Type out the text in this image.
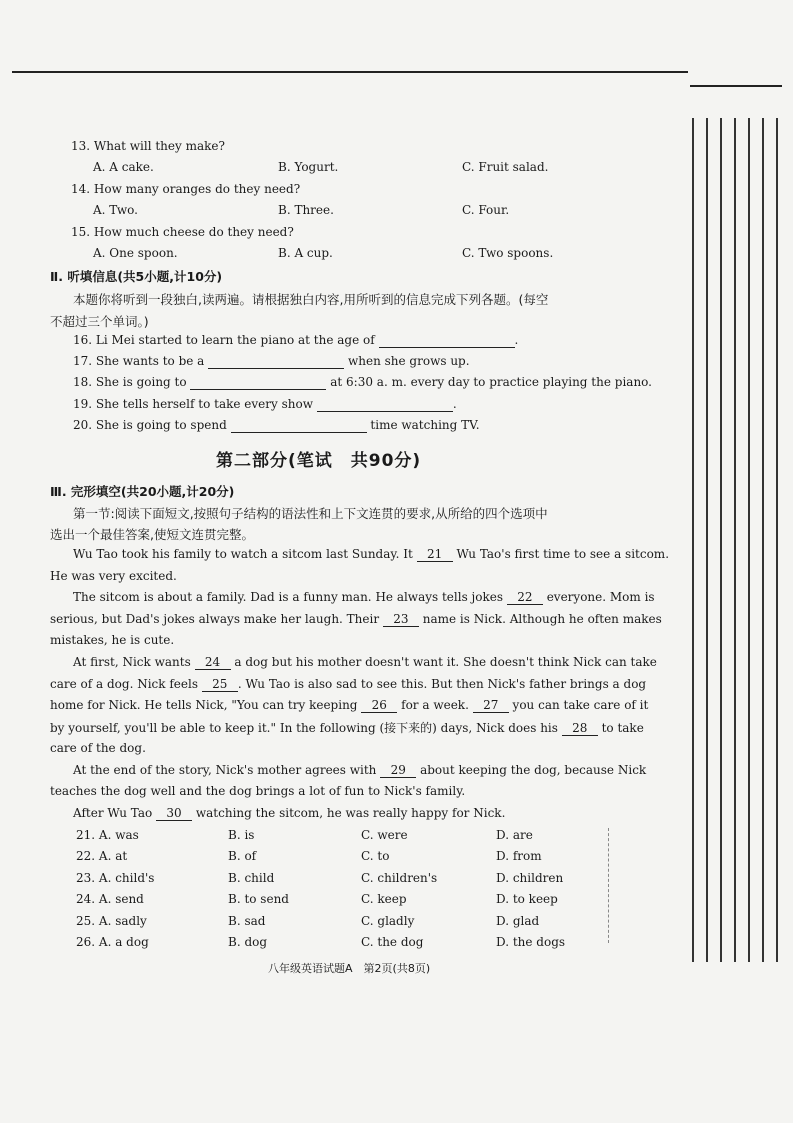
13. What will they make?
A. A cake.	B. Yogurt.	C. Fruit salad.
14. How many oranges do they need?
A. Two.	B. Three.	C. Four.
15. How much cheese do they need?
A. One spoon.	B. A cup.	C. Two spoons.
Ⅱ. 听填信息(共5小题,计10分)
本题你将听到一段独白,读两遍。请根据独白内容,用所听到的信息完成下列各题。(每空
不超过三个单词。)
16. Li Mei started to learn the piano at the age of	.
17. She wants to be a	when she grows up.
18. She is going to	at 6:30 a. m. every day to practice playing the piano.
19. She tells herself to take every show	.
20. She is going to spend	time watching TV.
第二部分(笔试　共90分)
Ⅲ. 完形填空(共20小题,计20分)
第一节:阅读下面短文,按照句子结构的语法性和上下文连贯的要求,从所给的四个选项中
选出一个最佳答案,使短文连贯完整。
Wu Tao took his family to watch a sitcom last Sunday. It 21 Wu Tao's first time to see a sitcom.
He was very excited.
The sitcom is about a family. Dad is a funny man. He always tells jokes 22 everyone. Mom is
serious, but Dad's jokes always make her laugh. Their 23 name is Nick. Although he often makes
mistakes, he is cute.
At first, Nick wants 24 a dog but his mother doesn't want it. She doesn't think Nick can take
care of a dog. Nick feels 25 . Wu Tao is also sad to see this. But then Nick's father brings a dog
home for Nick. He tells Nick, "You can try keeping 26 for a week. 27 you can take care of it
by yourself, you'll be able to keep it." In the following (接下来的) days, Nick does his 28 to take
care of the dog.
At the end of the story, Nick's mother agrees with 29 about keeping the dog, because Nick
teaches the dog well and the dog brings a lot of fun to Nick's family.
After Wu Tao 30 watching the sitcom, he was really happy for Nick.
21. A. was	B. is	C. were	D. are
22. A. at	B. of	C. to	D. from
23. A. child's	B. child	C. children's	D. children
24. A. send	B. to send	C. keep	D. to keep
25. A. sadly	B. sad	C. gladly	D. glad
26. A. a dog	B. dog	C. the dog	D. the dogs
八年级英语试题A　第2页(共8页)
